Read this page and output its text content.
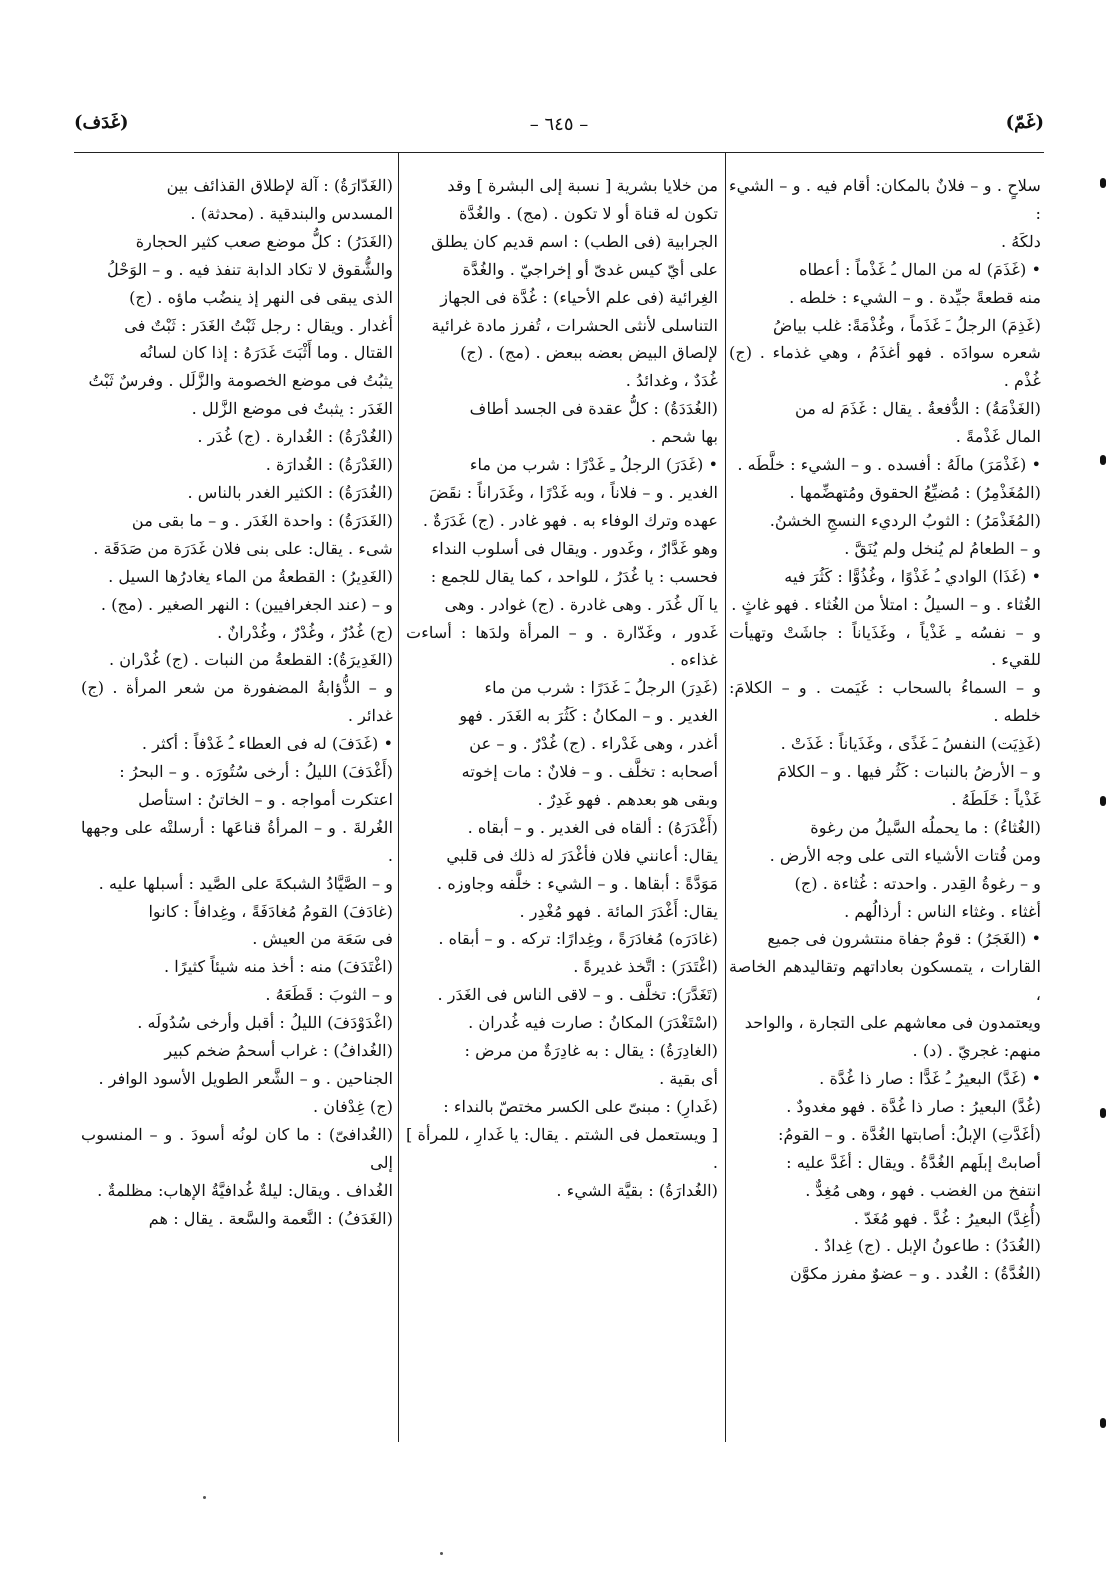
(غَمّ)
– ٦٤٥ –
(غَدَف)

سلاحٍ . و – فلانٌ بالمكان: أقام فيه . و – الشيء :

دلكَهُ .

• (غَذَمَ) له من المال ـُ غَذْماً : أعطاه

منه قطعةً جيِّدة . و – الشيء : خلطه .

(غَذِمَ) الرجلُ ـَ غَذَماً ، وغُذْمَةً: غلب بياضُ

شعره سوادَه . فهو أغذَمُ ، وهي غذماء . (ج) غُذْم .

(الغَذْمَةُ) : الدُّفعةُ . يقال : غَذَمَ له من

المال غَذْمةً .

• (غَذْمَرَ) مالَهُ : أفسده . و – الشيء : خلَّطَه .

(المُغَذْمِرُ) : مُضيِّعُ الحقوق ومُتهضِّمها .

(المُغَذْمَرُ) : الثوبُ الرديء النسجِ الخشنُ.

و – الطعامُ لم يُنخل ولم يُنَقَّ .

• (غَذَا) الوادي ـُ غَذْوًا ، وغُذُوًّا : كَثُرَ فيه

الغُثاء . و – السيلُ : امتلأ من الغُثاء . فهو غاثٍ .

و – نفسُه ـِ غَذْياً ، وغَذَياناً : جاشَتْ وتهيأت للقيء .

و – السماءُ بالسحاب : غَيَمت . و – الكلامَ: خلطه .

(غَذِيَت) النفسُ ـَ غَذًى ، وغَذَياناً : غَذَتْ .

و – الأرضُ بالنبات : كَثُر فيها . و – الكلامَ

غَذْياً : خَلَطَهُ .

(الغُثاءُ) : ما يحملُه السَّيلُ من رغوة

ومن فُتات الأشياء التى على وجه الأرض .

و – رغوةُ القِدر . واحدته : غُثاءة . (ج)

أغثاء . وغثاء الناس : أرذالُهم .

• (الغَجَرُ) : قومٌ جفاة منتشرون فى جميع

القارات ، يتمسكون بعاداتهم وتقاليدهم الخاصة ،

ويعتمدون فى معاشهم على التجارة ، والواحد

منهم: غجريّ . (د) .

• (غَدَّ) البعيرُ ـُ غَدًّا : صار ذا غُدَّة .

(غُدَّ) البعيرُ : صار ذا غُدَّة . فهو مغدودٌ .

(أغَدَّتِ) الإبلُ: أصابتها الغُدَّة . و – القومُ:

أصابتْ إبلَهم الغُدَّةُ . ويقال : أغَدَّ عليه :

انتفخ من الغضب . فهو ، وهى مُغِدٌّ .

(أُغِدَّ) البعيرُ : غُدَّ . فهو مُغَدّ .

(الغُدَدُ) : طاعونُ الإبل . (ج) غِدادٌ .

(الغُدَّةُ) : الغُدد . و – عضوٌ مفرز مكوَّن

من خلايا بشرية [ نسبة إلى البشرة ] وقد

تكون له قناة أو لا تكون . (مج) . والغُدَّة

الجرابية (فى الطب) : اسم قديم كان يطلق

على أيّ كيس غدىّ أو إخراجيّ . والغُدَّة

الغِرائية (فى علم الأحياء) : غُدَّة فى الجهاز

التناسلى لأنثى الحشرات ، تُفرز مادة غرائية

لإلصاق البيض بعضه ببعض . (مج) . (ج)

غُدَدٌ ، وغدائدُ .

(الغُدَدَةُ) : كلُّ عقدة فى الجسد أطاف

بها شحم .

• (غَدَرَ) الرجلُ ـِ غَدْرًا : شرب من ماء

الغدير . و – فلاناً ، وبه غَدْرًا ، وغَدَراناً : نقَضَ

عهده وترك الوفاء به . فهو غادر . (ج) غَدَرَةٌ .

وهو غَدَّارٌ ، وغَدور . ويقال فى أسلوب النداء

فحسب : يا غُدَرُ ، للواحد ، كما يقال للجمع :

يا آل غُدَر . وهى غادرة . (ج) غوادر . وهى

غَدور ، وغَدّارة . و – المرأة ولدَها : أساءت غذاءه .

(غَدِرَ) الرجلُ ـَ غَدَرًا : شرب من ماء

الغدير . و – المكانُ : كَثُرَ به الغَدَر . فهو

أغدر ، وهى غَدْراء . (ج) غُدْرٌ . و – عن

أصحابه : تخلَّف . و – فلانٌ : مات إخوته

وبقى هو بعدهم . فهو غَدِرٌ .

(أَغْدَرَهُ) : ألقاه فى الغدير . و – أبقاه .

يقال: أعانني فلان فأغْدَرَ له ذلك فى قلبي

مَوَدَّةً : أبقاها . و – الشيء : خلَّفه وجاوزه .

يقال: أَغْدَرَ المائة . فهو مُغْدِر .

(غادَرَه) مُغادَرَةً ، وغِدارًا: تركه . و – أبقاه .

(اغْتَدَرَ) : اتَّخذ غديرةً .

(تَغَدَّرَ): تخلَّف . و – لاقى الناس فى الغَدَر .

(اسْتَغْدَرَ) المكانُ : صارت فيه غُدران .

(الغادِرَةُ) : يقال : به غادِرَةٌ من مرض :

أى بقية .

(غَدارِ) : مبنىّ على الكسر مختصّ بالنداء :

[ ويستعمل فى الشتم . يقال: يا غَدارِ ، للمرأة ] .

(الغُدارَةُ) : بقيَّة الشيء .

(الغَدّارَةُ) : آلة لإطلاق القذائف بين

المسدس والبندقية . (محدثة) .

(الغَدَرُ) : كلُّ موضع صعب كثير الحجارة

والشُّقوق لا تكاد الدابة تنفذ فيه . و – الوَحْلُ

الذى يبقى فى النهر إذ ينضُب ماؤه . (ج)

أغدار . ويقال : رجل ثَبْتُ الغَدَر : ثَبْتٌ فى

القتال . وما أَثْبَتَ غَدَرَهُ : إذا كان لسانُه

يثبُتُ فى موضع الخصومة والزَّلَل . وفرسٌ ثَبْتُ

الغَدَر : يثبتُ فى موضع الزَّلل .

(الغُدْرَةُ) : الغُدارة . (ج) غُدَر .

(الغَدْرَةُ) : الغُدارَة .

(الغُدَرَةُ) : الكثير الغدر بالناس .

(الغَدَرَةُ) : واحدة الغَدَر . و – ما بقى من

شىء . يقال: على بنى فلان غَدَرَة من صَدَقَة .

(الغَدِيرُ) : القطعةُ من الماء يغادرُها السيل .

و – (عند الجغرافيين) : النهر الصغير . (مج) .

(ج) غُدُرٌ ، وغُدْرٌ ، وغُدْرانٌ .

(الغَدِيرَةُ): القطعةُ من النبات . (ج) غُدْران .

و – الذُّؤابةُ المضفورة من شعر المرأة . (ج) غدائر .

• (غَدَفَ) له فى العطاء ـُ غَدْفاً : أكثر .

(أَغْدَفَ) الليلُ : أرخى سُتُورَه . و – البحرُ :

اعتكرت أمواجه . و – الخاتنُ : استأصل

الغُرلةَ . و – المرأةُ قناعَها : أرسلتْه على وجهها .

و – الصَّيَّادُ الشبكةَ على الصَّيد : أسبلها عليه .

(غادَفَ) القومُ مُغادَفَةً ، وغِدافاً : كانوا

فى سَعَة من العيش .

(اغْتَدَفَ) منه : أخذ منه شيئاً كثيرًا .

و – الثوبَ : قَطَعَهُ .

(اغْدَوْدَفَ) الليلُ : أقبل وأرخى سُدُولَه .

(الغُدافُ) : غراب أسحمُ ضخم كبير

الجناحين . و – الشَّعر الطويل الأسود الوافر .

(ج) غِدْفان .

(الغُدافىّ) : ما كان لونُه أسودَ . و – المنسوب إلى

الغُداف . ويقال: ليلةٌ غُدافيَّةُ الإهاب: مظلمةٌ .

(الغَدَفُ) : النَّعمة والسَّعة . يقال : هم
